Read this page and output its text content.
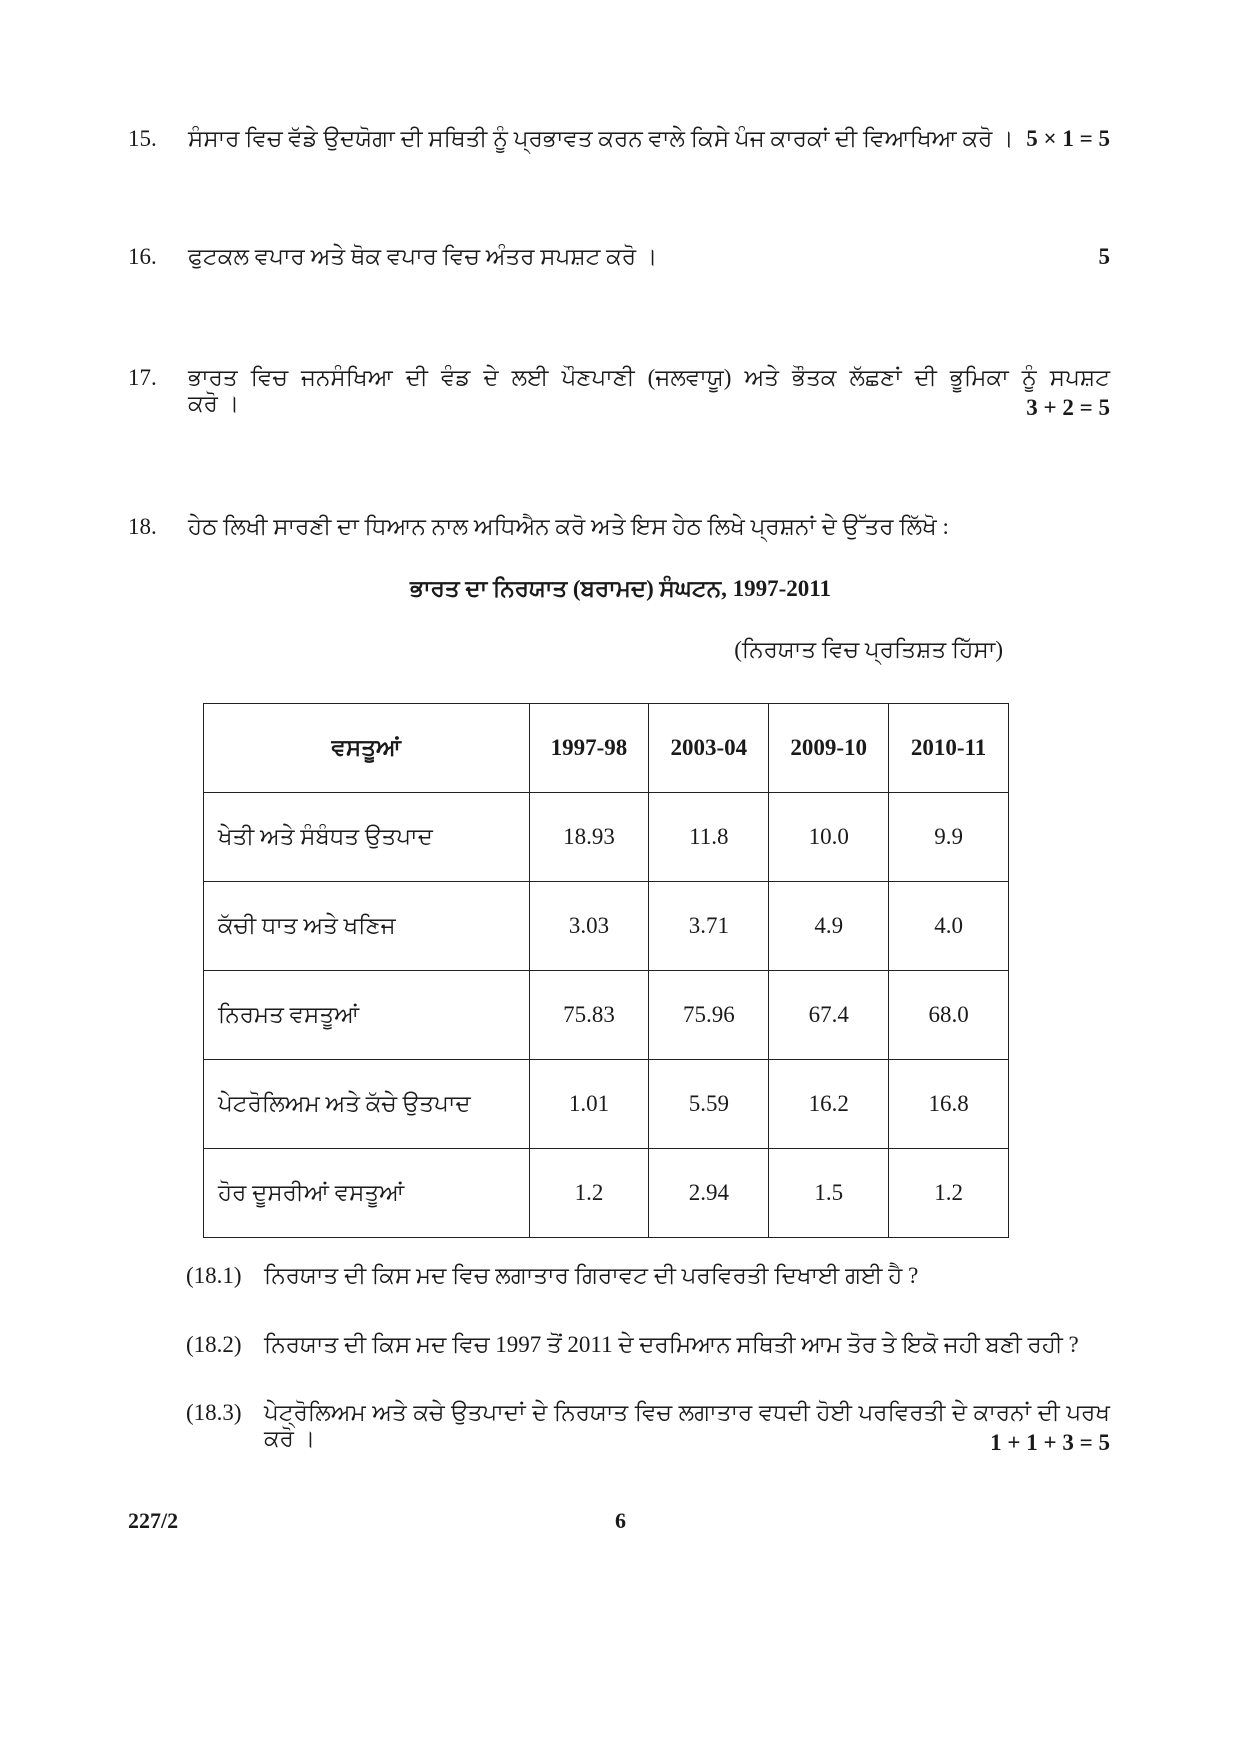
15. ਸੰਸਾਰ ਵਿਚ ਵੱਡੇ ਉਦਯੋਗਾ ਦੀ ਸਥਿਤੀ ਨੂੰ ਪ੍ਰਭਾਵਤ ਕਰਨ ਵਾਲੇ ਕਿਸੇ ਪੰਜ ਕਾਰਕਾਂ ਦੀ ਵਿਆਖਿਆ ਕਰੋ । 5 × 1 = 5
16. ਫੁਟਕਲ ਵਪਾਰ ਅਤੇ ਥੋਕ ਵਪਾਰ ਵਿਚ ਅੰਤਰ ਸਪਸ਼ਟ ਕਰੋ ।	5
17. ਭਾਰਤ ਵਿਚ ਜਨਸੰਖਿਆ ਦੀ ਵੰਡ ਦੇ ਲਈ ਪੌਣਪਾਣੀ (ਜਲਵਾਯੂ) ਅਤੇ ਭੌਤਕ ਲੱਛਣਾਂ ਦੀ ਭੂਮਿਕਾ ਨੂੰ ਸਪਸ਼ਟ
ਕਰੋ ।	3 + 2 = 5
18. ਹੇਠ ਲਿਖੀ ਸਾਰਣੀ ਦਾ ਧਿਆਨ ਨਾਲ ਅਧਿਐਨ ਕਰੋ ਅਤੇ ਇਸ ਹੇਠ ਲਿਖੇ ਪ੍ਰਸ਼ਨਾਂ ਦੇ ਉੱਤਰ ਲਿੱਖੋ :
ਭਾਰਤ ਦਾ ਨਿਰਯਾਤ (ਬਰਾਮਦ) ਸੰਘਟਨ, 1997-2011
(ਨਿਰਯਾਤ ਵਿਚ ਪ੍ਰਤਿਸ਼ਤ ਹਿੱਸਾ)
ਵਸਤੂਆਂ	1997-98	2003-04	2009-10	2010-11
ਖੇਤੀ ਅਤੇ ਸੰਬੰਧਤ ਉਤਪਾਦ	18.93	11.8	10.0	9.9
ਕੱਚੀ ਧਾਤ ਅਤੇ ਖਣਿਜ	3.03	3.71	4.9	4.0
ਨਿਰਮਤ ਵਸਤੂਆਂ	75.83	75.96	67.4	68.0
ਪੇਟਰੋਲਿਅਮ ਅਤੇ ਕੱਚੇ ਉਤਪਾਦ	1.01	5.59	16.2	16.8
ਹੋਰ ਦੂਸਰੀਆਂ ਵਸਤੂਆਂ	1.2	2.94	1.5	1.2
(18.1) ਨਿਰਯਾਤ ਦੀ ਕਿਸ ਮਦ ਵਿਚ ਲਗਾਤਾਰ ਗਿਰਾਵਟ ਦੀ ਪਰਵਿਰਤੀ ਦਿਖਾਈ ਗਈ ਹੈ ?
(18.2) ਨਿਰਯਾਤ ਦੀ ਕਿਸ ਮਦ ਵਿਚ 1997 ਤੋਂ 2011 ਦੇ ਦਰਮਿਆਨ ਸਥਿਤੀ ਆਮ ਤੋਰ ਤੇ ਇਕੋ ਜਹੀ ਬਣੀ ਰਹੀ ?
(18.3) ਪੇਟ੍ਰੋਲਿਅਮ ਅਤੇ ਕਚੇ ਉਤਪਾਦਾਂ ਦੇ ਨਿਰਯਾਤ ਵਿਚ ਲਗਾਤਾਰ ਵਧਦੀ ਹੋਈ ਪਰਵਿਰਤੀ ਦੇ ਕਾਰਨਾਂ ਦੀ ਪਰਖ
ਕਰੋ ।	1 + 1 + 3 = 5
227/2	6
